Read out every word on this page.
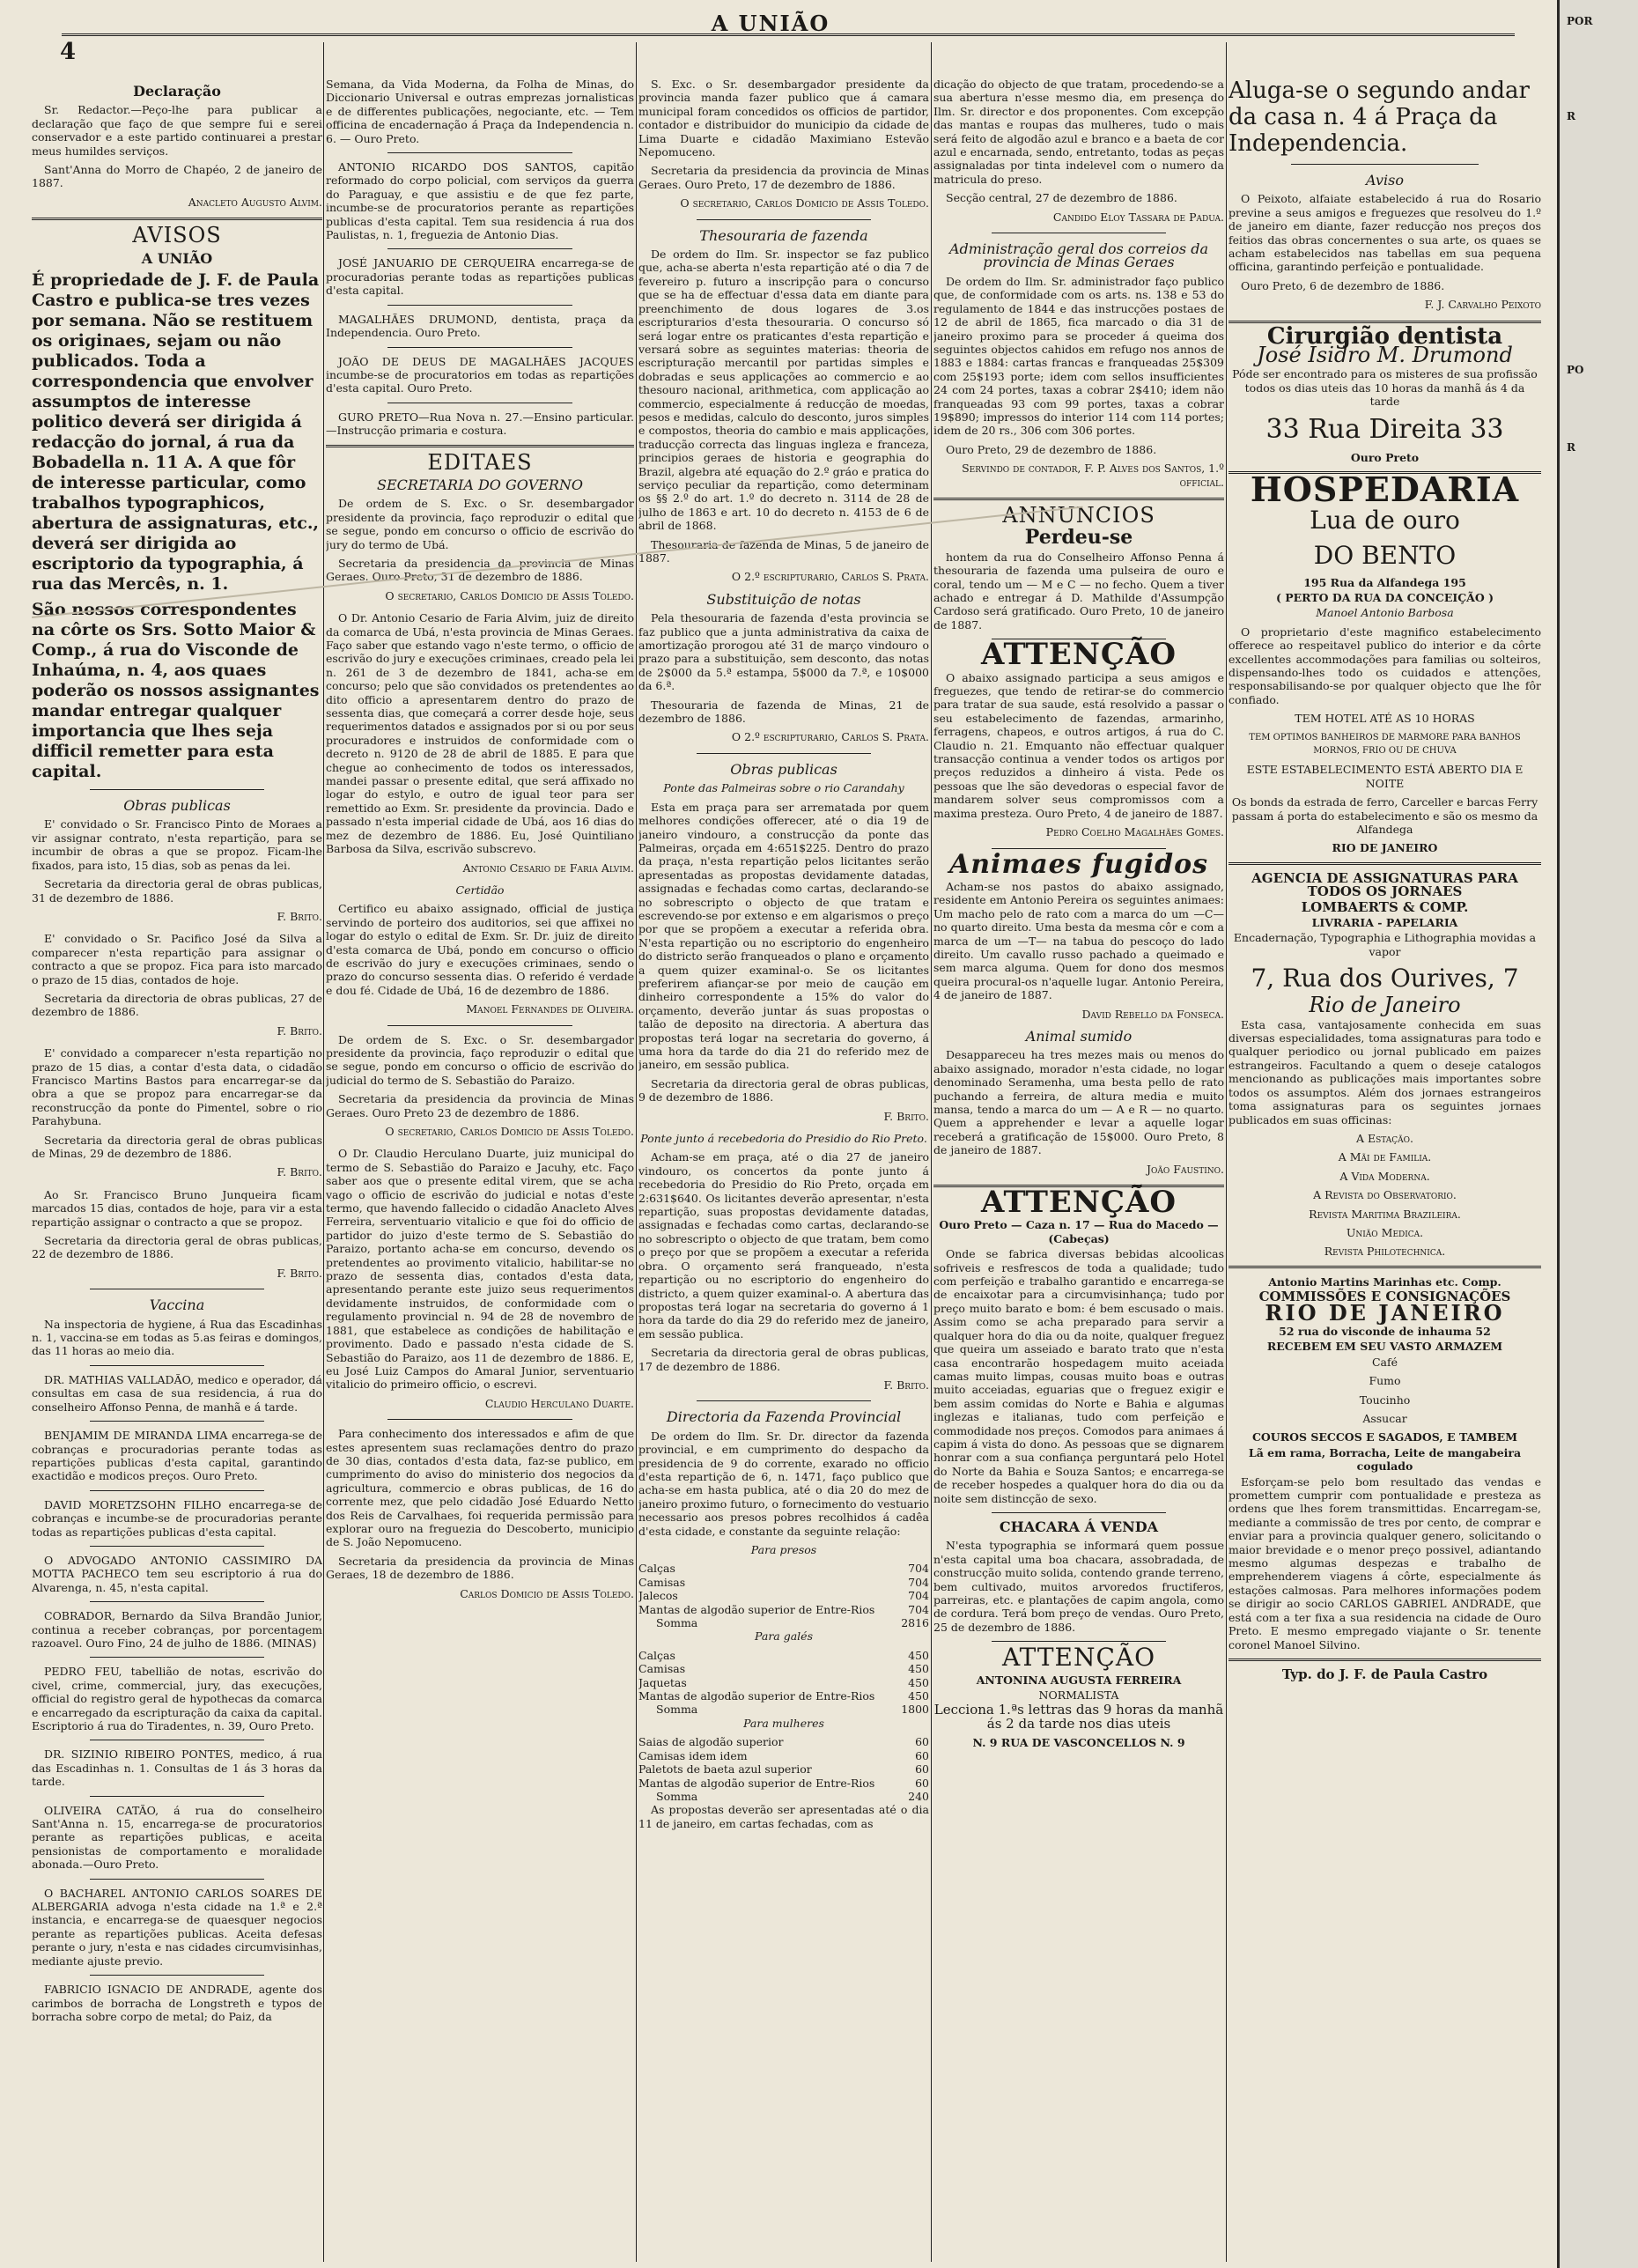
4
A UNIÃO
Declaração

Sr. Redactor.—Peço-lhe para publicar a declaração que faço de que sempre fui e serei conservador e a este partido continuarei a prestar meus humildes serviços.

Sant'Anna do Morro de Chapéo, 2 de janeiro de 1887.

Anacleto Augusto Alvim.

AVISOS
A UNIÃO

É propriedade de J. F. de Paula Castro e publica-se tres vezes por semana. Não se restituem os originaes, sejam ou não publicados. Toda a correspondencia que envolver assumptos de interesse politico deverá ser dirigida á redacção do jornal, á rua da Bobadella n. 11 A. A que fôr de interesse particular, como trabalhos typographicos, abertura de assignaturas, etc., deverá ser dirigida ao escriptorio da typographia, á rua das Mercês, n. 1.

São nossos correspondentes na côrte os Srs. Sotto Maior & Comp., á rua do Visconde de Inhaúma, n. 4, aos quaes poderão os nossos assignantes mandar entregar qualquer importancia que lhes seja difficil remetter para esta capital.

Obras publicas

E' convidado o Sr. Francisco Pinto de Moraes a vir assignar contrato, n'esta repartição, para se incumbir de obras a que se propoz. Ficam-lhe fixados, para isto, 15 dias, sob as penas da lei.

Secretaria da directoria geral de obras publicas, 31 de dezembro de 1886.

F. Brito.

E' convidado o Sr. Pacifico José da Silva a comparecer n'esta repartição para assignar o contracto a que se propoz. Fica para isto marcado o prazo de 15 dias, contados de hoje.

Secretaria da directoria de obras publicas, 27 de dezembro de 1886.

F. Brito.

E' convidado a comparecer n'esta repartição no prazo de 15 dias, a contar d'esta data, o cidadão Francisco Martins Bastos para encarregar-se da obra a que se propoz para encarregar-se da reconstrucção da ponte do Pimentel, sobre o rio Parahybuna.

Secretaria da directoria geral de obras publicas de Minas, 29 de dezembro de 1886.

F. Brito.

Ao Sr. Francisco Bruno Junqueira ficam marcados 15 dias, contados de hoje, para vir a esta repartição assignar o contracto a que se propoz.

Secretaria da directoria geral de obras publicas, 22 de dezembro de 1886.

F. Brito.

Vaccina

Na inspectoria de hygiene, á Rua das Escadinhas n. 1, vaccina-se em todas as 5.as feiras e domingos, das 11 horas ao meio dia.

DR. MATHIAS VALLADÃO, medico e operador, dá consultas em casa de sua residencia, á rua do conselheiro Affonso Penna, de manhã e á tarde.

BENJAMIM DE MIRANDA LIMA encarrega-se de cobranças e procuradorias perante todas as repartições publicas d'esta capital, garantindo exactidão e modicos preços. Ouro Preto.

DAVID MORETZSOHN FILHO encarrega-se de cobranças e incumbe-se de procuradorias perante todas as repartições publicas d'esta capital.

O ADVOGADO ANTONIO CASSIMIRO DA MOTTA PACHECO tem seu escriptorio á rua do Alvarenga, n. 45, n'esta capital.

COBRADOR, Bernardo da Silva Brandão Junior, continua a receber cobranças, por porcentagem razoavel. Ouro Fino, 24 de julho de 1886. (MINAS)

PEDRO FEU, tabellião de notas, escrivão do civel, crime, commercial, jury, das execuções, official do registro geral de hypothecas da comarca e encarregado da escripturação da caixa da capital. Escriptorio á rua do Tiradentes, n. 39, Ouro Preto.

DR. SIZINIO RIBEIRO PONTES, medico, á rua das Escadinhas n. 1. Consultas de 1 ás 3 horas da tarde.

OLIVEIRA CATÃO, á rua do conselheiro Sant'Anna n. 15, encarrega-se de procuratorios perante as repartições publicas, e aceita pensionistas de comportamento e moralidade abonada.—Ouro Preto.

O BACHAREL ANTONIO CARLOS SOARES DE ALBERGARIA advoga n'esta cidade na 1.ª e 2.ª instancia, e encarrega-se de quaesquer negocios perante as repartições publicas. Aceita defesas perante o jury, n'esta e nas cidades circumvisinhas, mediante ajuste previo.

FABRICIO IGNACIO DE ANDRADE, agente dos carimbos de borracha de Longstreth e typos de borracha sobre corpo de metal; do Paiz, da

Semana, da Vida Moderna, da Folha de Minas, do Diccionario Universal e outras emprezas jornalisticas e de differentes publicações, negociante, etc. — Tem officina de encadernação á Praça da Independencia n. 6. — Ouro Preto.

ANTONIO RICARDO DOS SANTOS, capitão reformado do corpo policial, com serviços da guerra do Paraguay, e que assistiu e de que fez parte, incumbe-se de procuratorios perante as repartições publicas d'esta capital. Tem sua residencia á rua dos Paulistas, n. 1, freguezia de Antonio Dias.

JOSÉ JANUARIO DE CERQUEIRA encarrega-se de procuradorias perante todas as repartições publicas d'esta capital.

MAGALHÃES DRUMOND, dentista, praça da Independencia. Ouro Preto.

JOÃO DE DEUS DE MAGALHÃES JACQUES incumbe-se de procuratorios em todas as repartições d'esta capital. Ouro Preto.

GURO PRETO—Rua Nova n. 27.—Ensino particular.—Instrucção primaria e costura.

EDITAES
SECRETARIA DO GOVERNO

De ordem de S. Exc. o Sr. desembargador presidente da provincia, faço reproduzir o edital que se segue, pondo em concurso o officio de escrivão do jury do termo de Ubá.

Secretaria da presidencia da provincia de Minas Geraes. Ouro Preto, 31 de dezembro de 1886.

O secretario, Carlos Domicio de Assis Toledo.

O Dr. Antonio Cesario de Faria Alvim, juiz de direito da comarca de Ubá, n'esta provincia de Minas Geraes. Faço saber que estando vago n'este termo, o officio de escrivão do jury e execuções criminaes, creado pela lei n. 261 de 3 de dezembro de 1841, acha-se em concurso; pelo que são convidados os pretendentes ao dito officio a apresentarem dentro do prazo de sessenta dias, que começará a correr desde hoje, seus requerimentos datados e assignados por si ou por seus procuradores e instruidos de conformidade com o decreto n. 9120 de 28 de abril de 1885. E para que chegue ao conhecimento de todos os interessados, mandei passar o presente edital, que será affixado no logar do estylo, e outro de igual teor para ser remettido ao Exm. Sr. presidente da provincia. Dado e passado n'esta imperial cidade de Ubá, aos 16 dias do mez de dezembro de 1886. Eu, José Quintiliano Barbosa da Silva, escrivão subscrevo.

Antonio Cesario de Faria Alvim.

Certidão

Certifico eu abaixo assignado, official de justiça servindo de porteiro dos auditorios, sei que affixei no logar do estylo o edital de Exm. Sr. Dr. juiz de direito d'esta comarca de Ubá, pondo em concurso o officio de escrivão do jury e execuções criminaes, sendo o prazo do concurso sessenta dias. O referido é verdade e dou fé. Cidade de Ubá, 16 de dezembro de 1886.

Manoel Fernandes de Oliveira.

De ordem de S. Exc. o Sr. desembargador presidente da provincia, faço reproduzir o edital que se segue, pondo em concurso o officio de escrivão do judicial do termo de S. Sebastião do Paraizo.

Secretaria da presidencia da provincia de Minas Geraes. Ouro Preto 23 de dezembro de 1886.

O secretario, Carlos Domicio de Assis Toledo.

O Dr. Claudio Herculano Duarte, juiz municipal do termo de S. Sebastião do Paraizo e Jacuhy, etc. Faço saber aos que o presente edital virem, que se acha vago o officio de escrivão do judicial e notas d'este termo, que havendo fallecido o cidadão Anacleto Alves Ferreira, serventuario vitalicio e que foi do officio de partidor do juizo d'este termo de S. Sebastião do Paraizo, portanto acha-se em concurso, devendo os pretendentes ao provimento vitalicio, habilitar-se no prazo de sessenta dias, contados d'esta data, apresentando perante este juizo seus requerimentos devidamente instruidos, de conformidade com o regulamento provincial n. 94 de 28 de novembro de 1881, que estabelece as condições de habilitação e provimento. Dado e passado n'esta cidade de S. Sebastião do Paraizo, aos 11 de dezembro de 1886. E, eu José Luiz Campos do Amaral Junior, serventuario vitalicio do primeiro officio, o escrevi.

Claudio Herculano Duarte.

Para conhecimento dos interessados e afim de que estes apresentem suas reclamações dentro do prazo de 30 dias, contados d'esta data, faz-se publico, em cumprimento do aviso do ministerio dos negocios da agricultura, commercio e obras publicas, de 16 do corrente mez, que pelo cidadão José Eduardo Netto dos Reis de Carvalhaes, foi requerida permissão para explorar ouro na freguezia do Descoberto, municipio de S. João Nepomuceno.

Secretaria da presidencia da provincia de Minas Geraes, 18 de dezembro de 1886.

Carlos Domicio de Assis Toledo.

S. Exc. o Sr. desembargador presidente da provincia manda fazer publico que á camara municipal foram concedidos os officios de partidor, contador e distribuidor do municipio da cidade de Lima Duarte e cidadão Maximiano Estevão Nepomuceno.

Secretaria da presidencia da provincia de Minas Geraes. Ouro Preto, 17 de dezembro de 1886.

O secretario, Carlos Domicio de Assis Toledo.

Thesouraria de fazenda

De ordem do Ilm. Sr. inspector se faz publico que, acha-se aberta n'esta repartição até o dia 7 de fevereiro p. futuro a inscripção para o concurso que se ha de effectuar d'essa data em diante para preenchimento de dous logares de 3.os escripturarios d'esta thesouraria. O concurso só será logar entre os praticantes d'esta repartição e versará sobre as seguintes materias: theoria de escripturação mercantil por partidas simples e dobradas e seus applicações ao commercio e ao thesouro nacional, arithmetica, com applicação ao commercio, especialmente á reducção de moedas, pesos e medidas, calculo do desconto, juros simples e compostos, theoria do cambio e mais applicações, traducção correcta das linguas ingleza e franceza, principios geraes de historia e geographia do Brazil, algebra até equação do 2.º gráo e pratica do serviço peculiar da repartição, como determinam os §§ 2.º do art. 1.º do decreto n. 3114 de 28 de julho de 1863 e art. 10 do decreto n. 4153 de 6 de abril de 1868.

Thesouraria de fazenda de Minas, 5 de janeiro de 1887.

O 2.º escripturario, Carlos S. Prata.

Substituição de notas

Pela thesouraria de fazenda d'esta provincia se faz publico que a junta administrativa da caixa de amortização prorogou até 31 de março vindouro o prazo para a substituição, sem desconto, das notas de 2$000 da 5.ª estampa, 5$000 da 7.ª, e 10$000 da 6.ª.

Thesouraria de fazenda de Minas, 21 de dezembro de 1886.

O 2.º escripturario, Carlos S. Prata.

Obras publicas

Ponte das Palmeiras sobre o rio Carandahy

Esta em praça para ser arrematada por quem melhores condições offerecer, até o dia 19 de janeiro vindouro, a construcção da ponte das Palmeiras, orçada em 4:651$225. Dentro do prazo da praça, n'esta repartição pelos licitantes serão apresentadas as propostas devidamente datadas, assignadas e fechadas como cartas, declarando-se no sobrescripto o objecto de que tratam e escrevendo-se por extenso e em algarismos o preço por que se propõem a executar a referida obra. N'esta repartição ou no escriptorio do engenheiro do districto serão franqueados o plano e orçamento a quem quizer examinal-o. Se os licitantes preferirem afiançar-se por meio de caução em dinheiro correspondente a 15% do valor do orçamento, deverão juntar ás suas propostas o talão de deposito na directoria. A abertura das propostas terá logar na secretaria do governo, á uma hora da tarde do dia 21 do referido mez de janeiro, em sessão publica.

Secretaria da directoria geral de obras publicas, 9 de dezembro de 1886.

F. Brito.

Ponte junto á recebedoria do Presidio do Rio Preto.

Acham-se em praça, até o dia 27 de janeiro vindouro, os concertos da ponte junto á recebedoria do Presidio do Rio Preto, orçada em 2:631$640. Os licitantes deverão apresentar, n'esta repartição, suas propostas devidamente datadas, assignadas e fechadas como cartas, declarando-se no sobrescripto o objecto de que tratam, bem como o preço por que se propõem a executar a referida obra. O orçamento será franqueado, n'esta repartição ou no escriptorio do engenheiro do districto, a quem quizer examinal-o. A abertura das propostas terá logar na secretaria do governo á 1 hora da tarde do dia 29 do referido mez de janeiro, em sessão publica.

Secretaria da directoria geral de obras publicas, 17 de dezembro de 1886.

F. Brito.

Directoria da Fazenda Provincial

De ordem do Ilm. Sr. Dr. director da fazenda provincial, e em cumprimento do despacho da presidencia de 9 do corrente, exarado no officio d'esta repartição de 6, n. 1471, faço publico que acha-se em hasta publica, até o dia 20 do mez de janeiro proximo futuro, o fornecimento do vestuario necessario aos presos pobres recolhidos á cadêa d'esta cidade, e constante da seguinte relação:

Para presos

Calças	704
Camisas	704
Jalecos	704
Mantas de algodão superior de Entre-Rios	704
Somma	2816

Para galés

Calças	450
Camisas	450
Jaquetas	450
Mantas de algodão superior de Entre-Rios	450
Somma	1800

Para mulheres

Saias de algodão superior	60
Camisas idem idem	60
Paletots de baeta azul superior	60
Mantas de algodão superior de Entre-Rios	60
Somma	240

As propostas deverão ser apresentadas até o dia 11 de janeiro, em cartas fechadas, com as

dicação do objecto de que tratam, procedendo-se a sua abertura n'esse mesmo dia, em presença do Ilm. Sr. director e dos proponentes. Com excepção das mantas e roupas das mulheres, tudo o mais será feito de algodão azul e branco e a baeta de cor azul e encarnada, sendo, entretanto, todas as peças assignaladas por tinta indelevel com o numero da matricula do preso.

Secção central, 27 de dezembro de 1886.

Candido Eloy Tassara de Padua.

Administração geral dos correios da provincia de Minas Geraes

De ordem do Ilm. Sr. administrador faço publico que, de conformidade com os arts. ns. 138 e 53 do regulamento de 1844 e das instrucções postaes de 12 de abril de 1865, fica marcado o dia 31 de janeiro proximo para se proceder á queima dos seguintes objectos cahidos em refugo nos annos de 1883 e 1884: cartas francas e franqueadas 25$309 com 25$193 porte; idem com sellos insufficientes 24 com 24 portes, taxas a cobrar 2$410; idem não franqueadas 93 com 99 portes, taxas a cobrar 19$890; impressos do interior 114 com 114 portes; idem de 20 rs., 306 com 306 portes.

Ouro Preto, 29 de dezembro de 1886.

Servindo de contador, F. P. Alves dos Santos, 1.º official.

ANNUNCIOS
Perdeu-se

hontem da rua do Conselheiro Affonso Penna á thesouraria de fazenda uma pulseira de ouro e coral, tendo um — M e C — no fecho. Quem a tiver achado e entregar á D. Mathilde d'Assumpção Cardoso será gratificado. Ouro Preto, 10 de janeiro de 1887.

ATTENÇÃO

O abaixo assignado participa a seus amigos e freguezes, que tendo de retirar-se do commercio para tratar de sua saude, está resolvido a passar o seu estabelecimento de fazendas, armarinho, ferragens, chapeos, e outros artigos, á rua do C. Claudio n. 21. Emquanto não effectuar qualquer transacção continua a vender todos os artigos por preços reduzidos a dinheiro á vista. Pede os pessoas que lhe são devedoras o especial favor de mandarem solver seus compromissos com a maxima presteza. Ouro Preto, 4 de janeiro de 1887.

Pedro Coelho Magalhães Gomes.

Animaes fugidos

Acham-se nos pastos do abaixo assignado, residente em Antonio Pereira os seguintes animaes: Um macho pelo de rato com a marca do um —C— no quarto direito. Uma besta da mesma côr e com a marca de um —T— na tabua do pescoço do lado direito. Um cavallo russo pachado a queimado e sem marca alguma. Quem for dono dos mesmos queira procural-os n'aquelle lugar. Antonio Pereira, 4 de janeiro de 1887.

David Rebello da Fonseca.

Animal sumido

Desappareceu ha tres mezes mais ou menos do abaixo assignado, morador n'esta cidade, no logar denominado Seramenha, uma besta pello de rato puchando a ferreira, de altura media e muito mansa, tendo a marca do um — A e R — no quarto. Quem a apprehender e levar a aquelle logar receberá a gratificação de 15$000. Ouro Preto, 8 de janeiro de 1887.

João Faustino.

ATTENÇÃO

Ouro Preto — Caza n. 17 — Rua do Macedo — (Cabeças)

Onde se fabrica diversas bebidas alcoolicas sofriveis e resfrescos de toda a qualidade; tudo com perfeição e trabalho garantido e encarrega-se de encaixotar para a circumvisinhança; tudo por preço muito barato e bom: é bem escusado o mais. Assim como se acha preparado para servir a qualquer hora do dia ou da noite, qualquer freguez que queira um asseiado e barato trato que n'esta casa encontrarão hospedagem muito aceiada camas muito limpas, cousas muito boas e outras muito acceiadas, eguarias que o freguez exigir e bem assim comidas do Norte e Bahia e algumas inglezas e italianas, tudo com perfeição e commodidade nos preços. Comodos para animaes á capim á vista do dono. As pessoas que se dignarem honrar com a sua confiança perguntará pelo Hotel do Norte da Bahia e Souza Santos; e encarrega-se de receber hospedes a qualquer hora do dia ou da noite sem distincção de sexo.

CHACARA Á VENDA

N'esta typographia se informará quem possue n'esta capital uma boa chacara, assobradada, de construcção muito solida, contendo grande terreno, bem cultivado, muitos arvoredos fructiferos, parreiras, etc. e plantações de capim angola, como de cordura. Terá bom preço de vendas. Ouro Preto, 25 de dezembro de 1886.

ATTENÇÃO

ANTONINA AUGUSTA FERREIRA

NORMALISTA

Lecciona 1.ªs lettras das 9 horas da manhã ás 2 da tarde nos dias uteis

N. 9 RUA DE VASCONCELLOS N. 9

Aluga-se o segundo andar da casa n. 4 á Praça da Independencia.

Aviso

O Peixoto, alfaiate estabelecido á rua do Rosario previne a seus amigos e freguezes que resolveu do 1.º de janeiro em diante, fazer reducção nos preços dos feitios das obras concernentes o sua arte, os quaes se acham estabelecidos nas tabellas em sua pequena officina, garantindo perfeição e pontualidade.

Ouro Preto, 6 de dezembro de 1886.

F. J. Carvalho Peixoto

Cirurgião dentista

José Isidro M. Drumond

Póde ser encontrado para os misteres de sua profissão todos os dias uteis das 10 horas da manhã ás 4 da tarde

33 Rua Direita 33

Ouro Preto

HOSPEDARIA

Lua de ouro

DO BENTO

195 Rua da Alfandega 195

( PERTO DA RUA DA CONCEIÇÃO )

Manoel Antonio Barbosa

O proprietario d'este magnifico estabelecimento offerece ao respeitavel publico do interior e da côrte excellentes accommodações para familias ou solteiros, dispensando-lhes todo os cuidados e attenções, responsabilisando-se por qualquer objecto que lhe fôr confiado.

TEM HOTEL ATÉ AS 10 HORAS

TEM OPTIMOS BANHEIROS DE MARMORE PARA BANHOS MORNOS, FRIO OU DE CHUVA

ESTE ESTABELECIMENTO ESTÁ ABERTO DIA E NOITE

Os bonds da estrada de ferro, Carceller e barcas Ferry passam á porta do estabelecimento e são os mesmo da Alfandega

RIO DE JANEIRO

AGENCIA DE ASSIGNATURAS PARA TODOS OS JORNAES

LOMBAERTS & COMP.

LIVRARIA - PAPELARIA

Encadernação, Typographia e Lithographia movidas a vapor

7, Rua dos Ourives, 7

Rio de Janeiro

Esta casa, vantajosamente conhecida em suas diversas especialidades, toma assignaturas para todo e qualquer periodico ou jornal publicado em paizes estrangeiros. Facultando a quem o deseje catalogos mencionando as publicações mais importantes sobre todos os assumptos. Além dos jornaes estrangeiros toma assignaturas para os seguintes jornaes publicados em suas officinas:

A Estação.

A Mãi de Familia.

A Vida Moderna.

A Revista do Observatorio.

Revista Maritima Brazileira.

União Medica.

Revista Philotechnica.

Antonio Martins Marinhas etc. Comp.

COMMISSÕES E CONSIGNAÇÕES

RIO DE JANEIRO

52 rua do visconde de inhauma 52

RECEBEM EM SEU VASTO ARMAZEM

Café

Fumo

Toucinho

Assucar

COUROS SECCOS E SAGADOS, E TAMBEM

Lã em rama, Borracha, Leite de mangabeira cogulado

Esforçam-se pelo bom resultado das vendas e promettem cumprir com pontualidade e presteza as ordens que lhes forem transmittidas. Encarregam-se, mediante a commissão de tres por cento, de comprar e enviar para a provincia qualquer genero, solicitando o maior brevidade e o menor preço possivel, adiantando mesmo algumas despezas e trabalho de emprehenderem viagens á côrte, especialmente ás estações calmosas. Para melhores informações podem se dirigir ao socio CARLOS GABRIEL ANDRADE, que está com a ter fixa a sua residencia na cidade de Ouro Preto. E mesmo empregado viajante o Sr. tenente coronel Manoel Silvino.

Typ. do J. F. de Paula Castro

POR
R
PO
R
